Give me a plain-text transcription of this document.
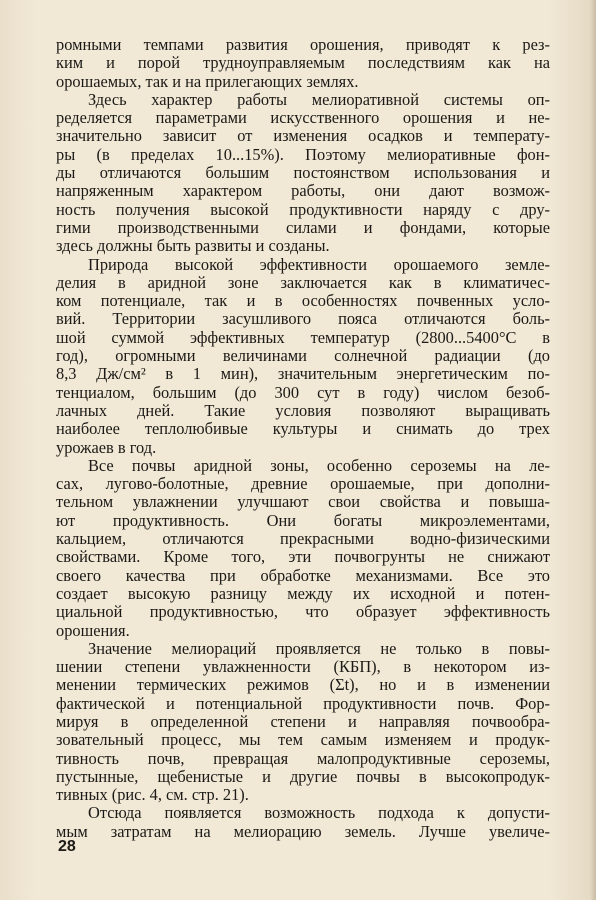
ромными темпами развития орошения, приводят к рез-
ким и порой трудноуправляемым последствиям как на
орошаемых, так и на прилегающих землях.
Здесь характер работы мелиоративной системы оп-
ределяется параметрами искусственного орошения и не-
значительно зависит от изменения осадков и температу-
ры (в пределах 10...15%). Поэтому мелиоративные фон-
ды отличаются большим постоянством использования и
напряженным характером работы, они дают возмож-
ность получения высокой продуктивности наряду с дру-
гими производственными силами и фондами, которые
здесь должны быть развиты и созданы.
Природа высокой эффективности орошаемого земле-
делия в аридной зоне заключается как в климатичес-
ком потенциале, так и в особенностях почвенных усло-
вий. Территории засушливого пояса отличаются боль-
шой суммой эффективных температур (2800...5400°С в
год), огромными величинами солнечной радиации (до
8,3 Дж/см² в 1 мин), значительным энергетическим по-
тенциалом, большим (до 300 сут в году) числом безоб-
лачных дней. Такие условия позволяют выращивать
наиболее теплолюбивые культуры и снимать до трех
урожаев в год.
Все почвы аридной зоны, особенно сероземы на ле-
сах, лугово-болотные, древние орошаемые, при дополни-
тельном увлажнении улучшают свои свойства и повыша-
ют продуктивность. Они богаты микроэлементами,
кальцием, отличаются прекрасными водно-физическими
свойствами. Кроме того, эти почвогрунты не снижают
своего качества при обработке механизмами. Все это
создает высокую разницу между их исходной и потен-
циальной продуктивностью, что образует эффективность
орошения.
Значение мелиораций проявляется не только в повы-
шении степени увлажненности (КБП), в некотором из-
менении термических режимов (Σt), но и в изменении
фактической и потенциальной продуктивности почв. Фор-
мируя в определенной степени и направляя почвообра-
зовательный процесс, мы тем самым изменяем и продук-
тивность почв, превращая малопродуктивные сероземы,
пустынные, щебенистые и другие почвы в высокопродук-
тивных (рис. 4, см. стр. 21).
Отсюда появляется возможность подхода к допусти-
мым затратам на мелиорацию земель. Лучше увеличе-
28
